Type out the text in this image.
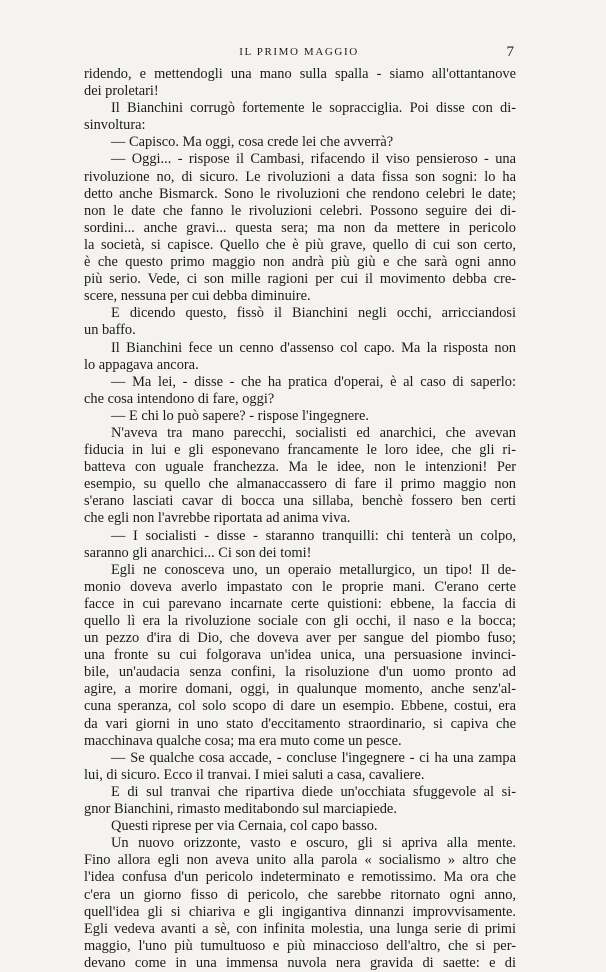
IL PRIMO MAGGIO	7
ridendo, e mettendogli una mano sulla spalla - siamo all'ottantanove
dei proletari!
Il Bianchini corrugò fortemente le sopracciglia. Poi disse con di-
sinvoltura:
— Capisco. Ma oggi, cosa crede lei che avverrà?
— Oggi... - rispose il Cambasi, rifacendo il viso pensieroso - una
rivoluzione no, di sicuro. Le rivoluzioni a data fissa son sogni: lo ha
detto anche Bismarck. Sono le rivoluzioni che rendono celebri le date;
non le date che fanno le rivoluzioni celebri. Possono seguire dei di-
sordini... anche gravi... questa sera; ma non da mettere in pericolo
la società, si capisce. Quello che è più grave, quello di cui son certo,
è che questo primo maggio non andrà più giù e che sarà ogni anno
più serio. Vede, ci son mille ragioni per cui il movimento debba cre-
scere, nessuna per cui debba diminuire.
E dicendo questo, fissò il Bianchini negli occhi, arricciandosi
un baffo.
Il Bianchini fece un cenno d'assenso col capo. Ma la risposta non
lo appagava ancora.
— Ma lei, - disse - che ha pratica d'operai, è al caso di saperlo:
che cosa intendono di fare, oggi?
— E chi lo può sapere? - rispose l'ingegnere.
N'aveva tra mano parecchi, socialisti ed anarchici, che avevan
fiducia in lui e gli esponevano francamente le loro idee, che gli ri-
batteva con uguale franchezza. Ma le idee, non le intenzioni! Per
esempio, su quello che almanaccassero di fare il primo maggio non
s'erano lasciati cavar di bocca una sillaba, benchè fossero ben certi
che egli non l'avrebbe riportata ad anima viva.
— I socialisti - disse - staranno tranquilli: chi tenterà un colpo,
saranno gli anarchici... Ci son dei tomi!
Egli ne conosceva uno, un operaio metallurgico, un tipo! Il de-
monio doveva averlo impastato con le proprie mani. C'erano certe
facce in cui parevano incarnate certe quistioni: ebbene, la faccia di
quello lì era la rivoluzione sociale con gli occhi, il naso e la bocca;
un pezzo d'ira di Dio, che doveva aver per sangue del piombo fuso;
una fronte su cui folgorava un'idea unica, una persuasione invinci-
bile, un'audacia senza confini, la risoluzione d'un uomo pronto ad
agire, a morire domani, oggi, in qualunque momento, anche senz'al-
cuna speranza, col solo scopo di dare un esempio. Ebbene, costui, era
da vari giorni in uno stato d'eccitamento straordinario, si capiva che
macchinava qualche cosa; ma era muto come un pesce.
— Se qualche cosa accade, - concluse l'ingegnere - ci ha una zampa
lui, di sicuro. Ecco il tranvai. I miei saluti a casa, cavaliere.
E di sul tranvai che ripartiva diede un'occhiata sfuggevole al si-
gnor Bianchini, rimasto meditabondo sul marciapiede.
Questi riprese per via Cernaia, col capo basso.
Un nuovo orizzonte, vasto e oscuro, gli si apriva alla mente.
Fino allora egli non aveva unito alla parola « socialismo » altro che
l'idea confusa d'un pericolo indeterminato e remotissimo. Ma ora che
c'era un giorno fisso di pericolo, che sarebbe ritornato ogni anno,
quell'idea gli si chiariva e gli ingigantiva dinnanzi improvvisamente.
Egli vedeva avanti a sè, con infinita molestia, una lunga serie di primi
maggio, l'uno più tumultuoso e più minaccioso dell'altro, che si per-
devano come in una immensa nuvola nera gravida di saette: e di
